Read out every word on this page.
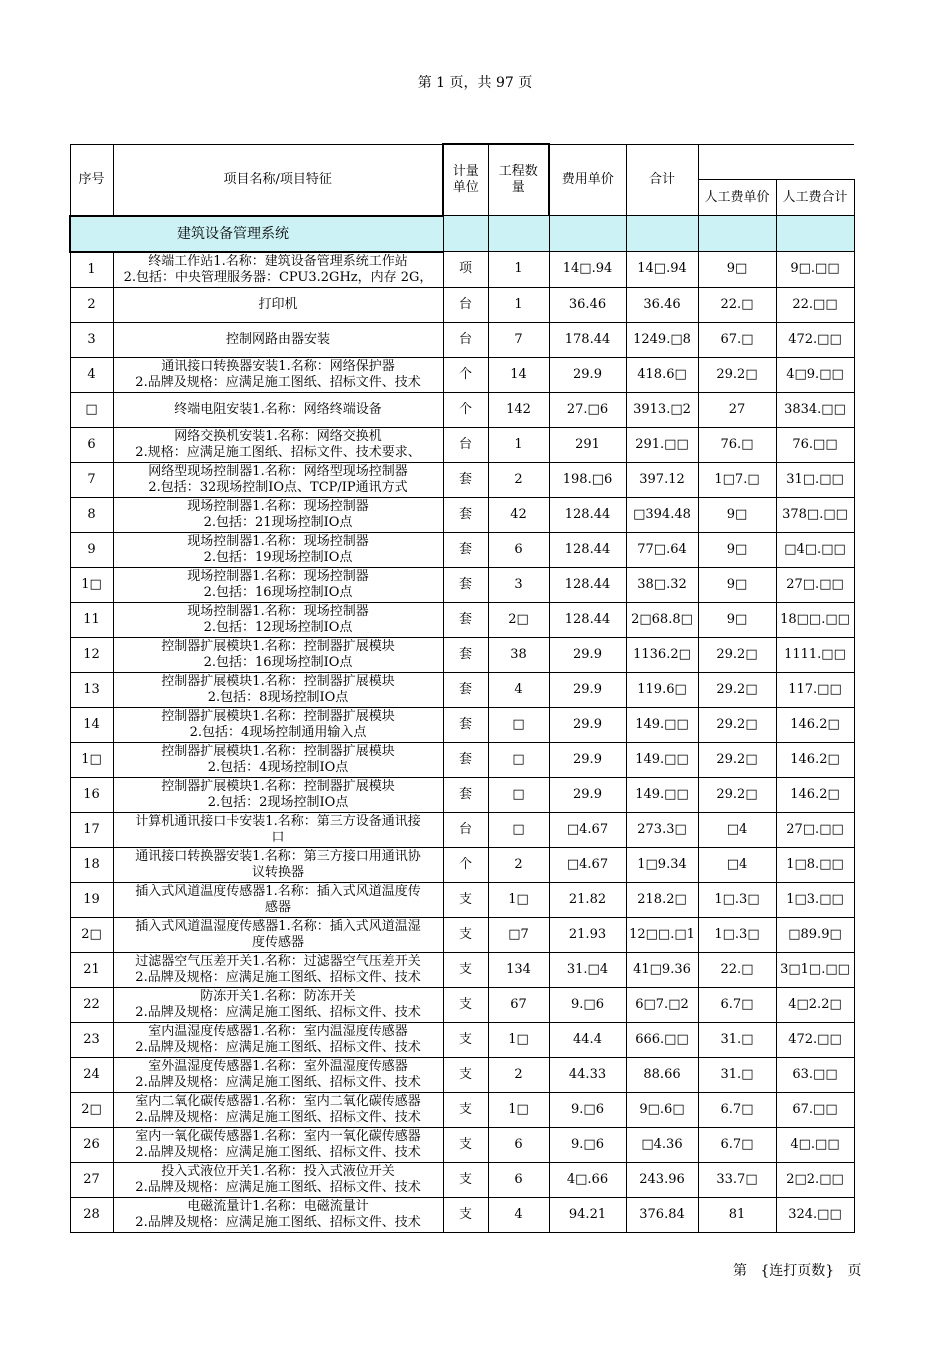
第 1 页，共 97 页
序号	项目名称/项目特征	计量单位	工程数量	费用单价	合计		
						人工费单价	人工费合计
建筑设备管理系统							
1	终端工作站1.名称：建筑设备管理系统工作站
2.包括：中央管理服务器：CPU3.2GHz，内存 2G，	项	1	14□.94	14□.94	9□	9□.□□
2	打印机	台	1	36.46	36.46	22.□	22.□□
3	控制网路由器安装	台	7	178.44	1249.□8	67.□	472.□□
4	通讯接口转换器安装1.名称：网络保护器
2.品牌及规格：应满足施工图纸、招标文件、技术	个	14	29.9	418.6□	29.2□	4□9.□□
□	终端电阻安装1.名称：网络终端设备	个	142	27.□6	3913.□2	27	3834.□□
6	网络交换机安装1.名称：网络交换机
2.规格：应满足施工图纸、招标文件、技术要求、	台	1	291	291.□□	76.□	76.□□
7	网络型现场控制器1.名称：网络型现场控制器
2.包括：32现场控制IO点、TCP/IP通讯方式	套	2	198.□6	397.12	1□7.□	31□.□□
8	现场控制器1.名称：现场控制器
2.包括：21现场控制IO点	套	42	128.44	□394.48	9□	378□.□□
9	现场控制器1.名称：现场控制器
2.包括：19现场控制IO点	套	6	128.44	77□.64	9□	□4□.□□
1□	现场控制器1.名称：现场控制器
2.包括：16现场控制IO点	套	3	128.44	38□.32	9□	27□.□□
11	现场控制器1.名称：现场控制器
2.包括：12现场控制IO点	套	2□	128.44	2□68.8□	9□	18□□.□□
12	控制器扩展模块1.名称：控制器扩展模块
2.包括：16现场控制IO点	套	38	29.9	1136.2□	29.2□	1111.□□
13	控制器扩展模块1.名称：控制器扩展模块
2.包括：8现场控制IO点	套	4	29.9	119.6□	29.2□	117.□□
14	控制器扩展模块1.名称：控制器扩展模块
2.包括：4现场控制通用输入点	套	□	29.9	149.□□	29.2□	146.2□
1□	控制器扩展模块1.名称：控制器扩展模块
2.包括：4现场控制IO点	套	□	29.9	149.□□	29.2□	146.2□
16	控制器扩展模块1.名称：控制器扩展模块
2.包括：2现场控制IO点	套	□	29.9	149.□□	29.2□	146.2□
17	计算机通讯接口卡安装1.名称：第三方设备通讯接
口	台	□	□4.67	273.3□	□4	27□.□□
18	通讯接口转换器安装1.名称：第三方接口用通讯协
议转换器	个	2	□4.67	1□9.34	□4	1□8.□□
19	插入式风道温度传感器1.名称：插入式风道温度传
感器	支	1□	21.82	218.2□	1□.3□	1□3.□□
2□	插入式风道温湿度传感器1.名称：插入式风道温湿
度传感器	支	□7	21.93	12□□.□1	1□.3□	□89.9□
21	过滤器空气压差开关1.名称：过滤器空气压差开关
2.品牌及规格：应满足施工图纸、招标文件、技术	支	134	31.□4	41□9.36	22.□	3□1□.□□
22	防冻开关1.名称：防冻开关
2.品牌及规格：应满足施工图纸、招标文件、技术	支	67	9.□6	6□7.□2	6.7□	4□2.2□
23	室内温湿度传感器1.名称：室内温湿度传感器
2.品牌及规格：应满足施工图纸、招标文件、技术	支	1□	44.4	666.□□	31.□	472.□□
24	室外温湿度传感器1.名称：室外温湿度传感器
2.品牌及规格：应满足施工图纸、招标文件、技术	支	2	44.33	88.66	31.□	63.□□
2□	室内二氧化碳传感器1.名称：室内二氧化碳传感器
2.品牌及规格：应满足施工图纸、招标文件、技术	支	1□	9.□6	9□.6□	6.7□	67.□□
26	室内一氧化碳传感器1.名称：室内一氧化碳传感器
2.品牌及规格：应满足施工图纸、招标文件、技术	支	6	9.□6	□4.36	6.7□	4□.□□
27	投入式液位开关1.名称：投入式液位开关
2.品牌及规格：应满足施工图纸、招标文件、技术	支	6	4□.66	243.96	33.7□	2□2.□□
28	电磁流量计1.名称：电磁流量计
2.品牌及规格：应满足施工图纸、招标文件、技术	支	4	94.21	376.84	81	324.□□
第   {连打页数}   页
